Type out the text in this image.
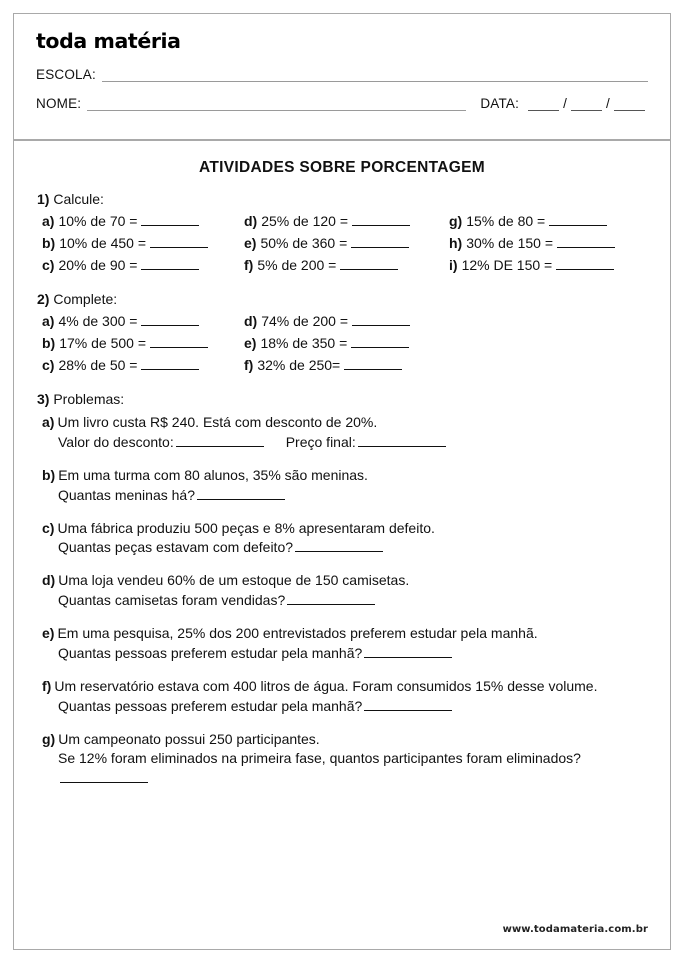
toda matéria
ESCOLA:
NOME:	DATA:	/	/
ATIVIDADES SOBRE PORCENTAGEM
1) Calcule:
a) 10% de 70 =	d) 25% de 120 =	g) 15% de 80 =
b) 10% de 450 =	e) 50% de 360 =	h) 30% de 150 =
c) 20% de 90 =	f) 5% de 200 =	i) 12% DE 150 =
2) Complete:
a) 4% de 300 =	d) 74% de 200 =
b) 17% de 500 =	e) 18% de 350 =
c) 28% de 50 =	f) 32% de 250=
3) Problemas:
a) Um livro custa R$ 240. Está com desconto de 20%.
Valor do desconto:	Preço final:
b) Em uma turma com 80 alunos, 35% são meninas.
Quantas meninas há?
c) Uma fábrica produziu 500 peças e 8% apresentaram defeito.
Quantas peças estavam com defeito?
d) Uma loja vendeu 60% de um estoque de 150 camisetas.
Quantas camisetas foram vendidas?
e) Em uma pesquisa, 25% dos 200 entrevistados preferem estudar pela manhã.
Quantas pessoas preferem estudar pela manhã?
f) Um reservatório estava com 400 litros de água. Foram consumidos 15% desse volume.
Quantas pessoas preferem estudar pela manhã?
g) Um campeonato possui 250 participantes.
Se 12% foram eliminados na primeira fase, quantos participantes foram eliminados?
www.todamateria.com.br
